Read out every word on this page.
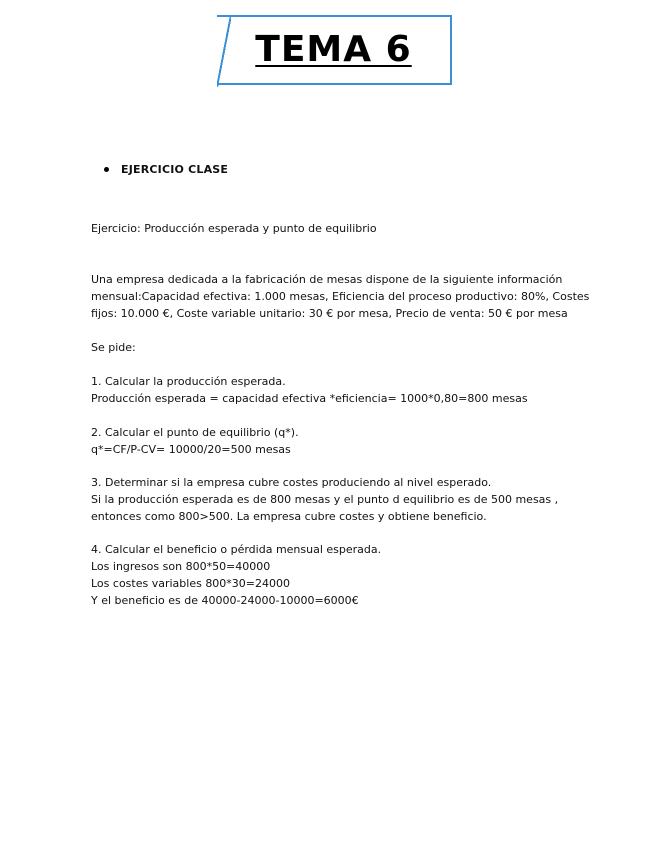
TEMA 6
EJERCICIO CLASE
Ejercicio: Producción esperada y punto de equilibrio
Una empresa dedicada a la fabricación de mesas dispone de la siguiente información
mensual:Capacidad efectiva: 1.000 mesas, Eficiencia del proceso productivo: 80%, Costes
fijos: 10.000 €, Coste variable unitario: 30 € por mesa, Precio de venta: 50 € por mesa
Se pide:
1. Calcular la producción esperada.
Producción esperada = capacidad efectiva *eficiencia= 1000*0,80=800 mesas
2. Calcular el punto de equilibrio (q*).
q*=CF/P-CV= 10000/20=500 mesas
3. Determinar si la empresa cubre costes produciendo al nivel esperado.
Si la producción esperada es de 800 mesas y el punto d equilibrio es de 500 mesas ,
entonces como 800>500. La empresa cubre costes y obtiene beneficio.
4. Calcular el beneficio o pérdida mensual esperada.
Los ingresos son 800*50=40000
Los costes variables 800*30=24000
Y el beneficio es de 40000-24000-10000=6000€
